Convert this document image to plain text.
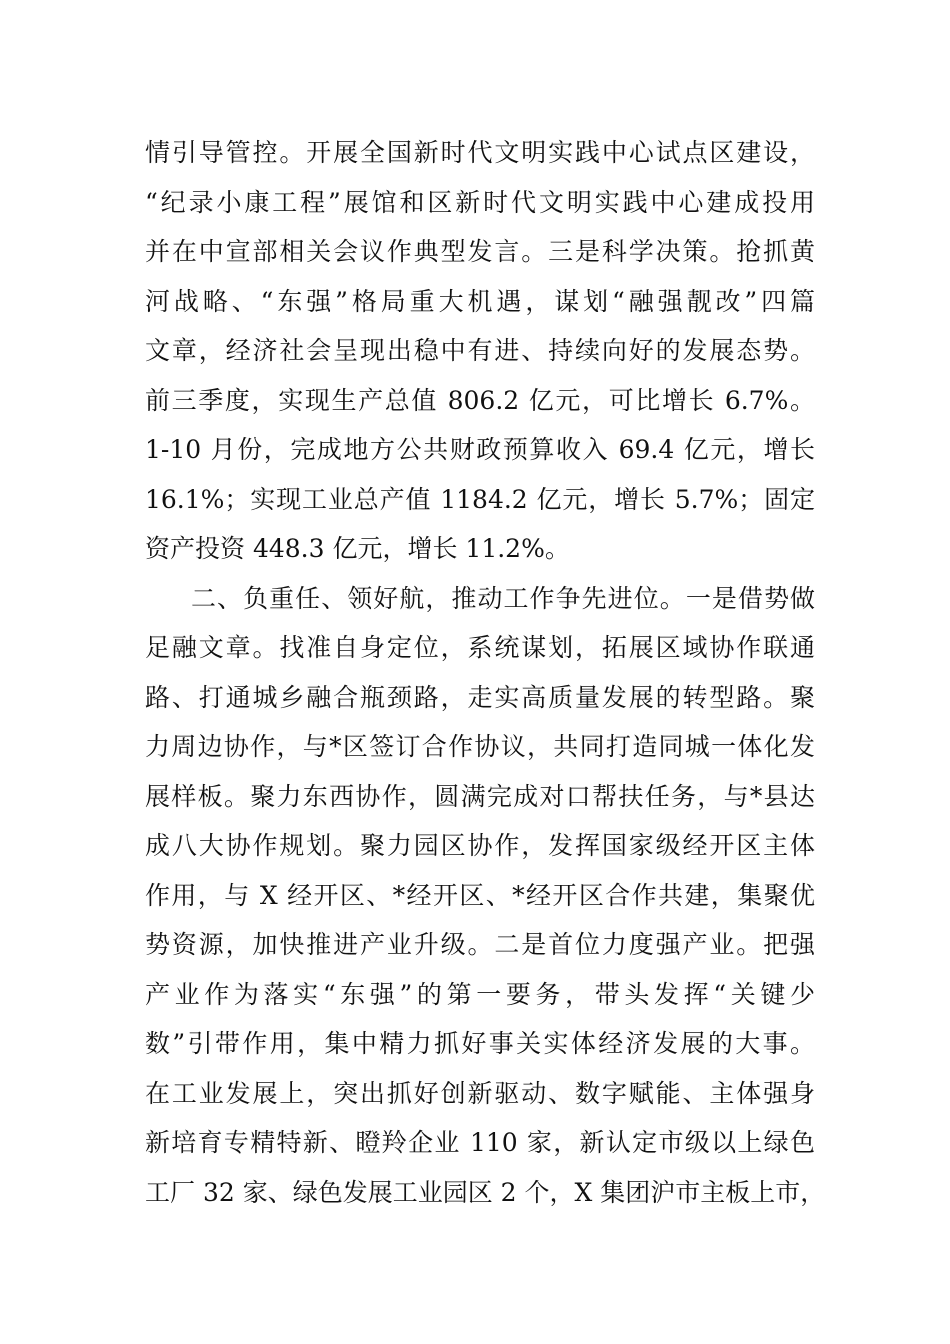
情引导管控。开展全国新时代文明实践中心试点区建设，
“纪录小康工程”展馆和区新时代文明实践中心建成投用
并在中宣部相关会议作典型发言。三是科学决策。抢抓黄
河战略、“东强”格局重大机遇，谋划“融强靓改”四篇
文章，经济社会呈现出稳中有进、持续向好的发展态势。
前三季度，实现生产总值 806.2 亿元，可比增长 6.7%。
1-10 月份，完成地方公共财政预算收入 69.4 亿元，增长
16.1%；实现工业总产值 1184.2 亿元，增长 5.7%；固定
资产投资 448.3 亿元，增长 11.2%。
二、负重任、领好航，推动工作争先进位。一是借势做
足融文章。找准自身定位，系统谋划，拓展区域协作联通
路、打通城乡融合瓶颈路，走实高质量发展的转型路。聚
力周边协作，与*区签订合作协议，共同打造同城一体化发
展样板。聚力东西协作，圆满完成对口帮扶任务，与*县达
成八大协作规划。聚力园区协作，发挥国家级经开区主体
作用，与 X 经开区、*经开区、*经开区合作共建，集聚优
势资源，加快推进产业升级。二是首位力度强产业。把强
产业作为落实“东强”的第一要务，带头发挥“关键少
数”引带作用，集中精力抓好事关实体经济发展的大事。
在工业发展上，突出抓好创新驱动、数字赋能、主体强身
新培育专精特新、瞪羚企业 110 家，新认定市级以上绿色
工厂 32 家、绿色发展工业园区 2 个，X 集团沪市主板上市，
